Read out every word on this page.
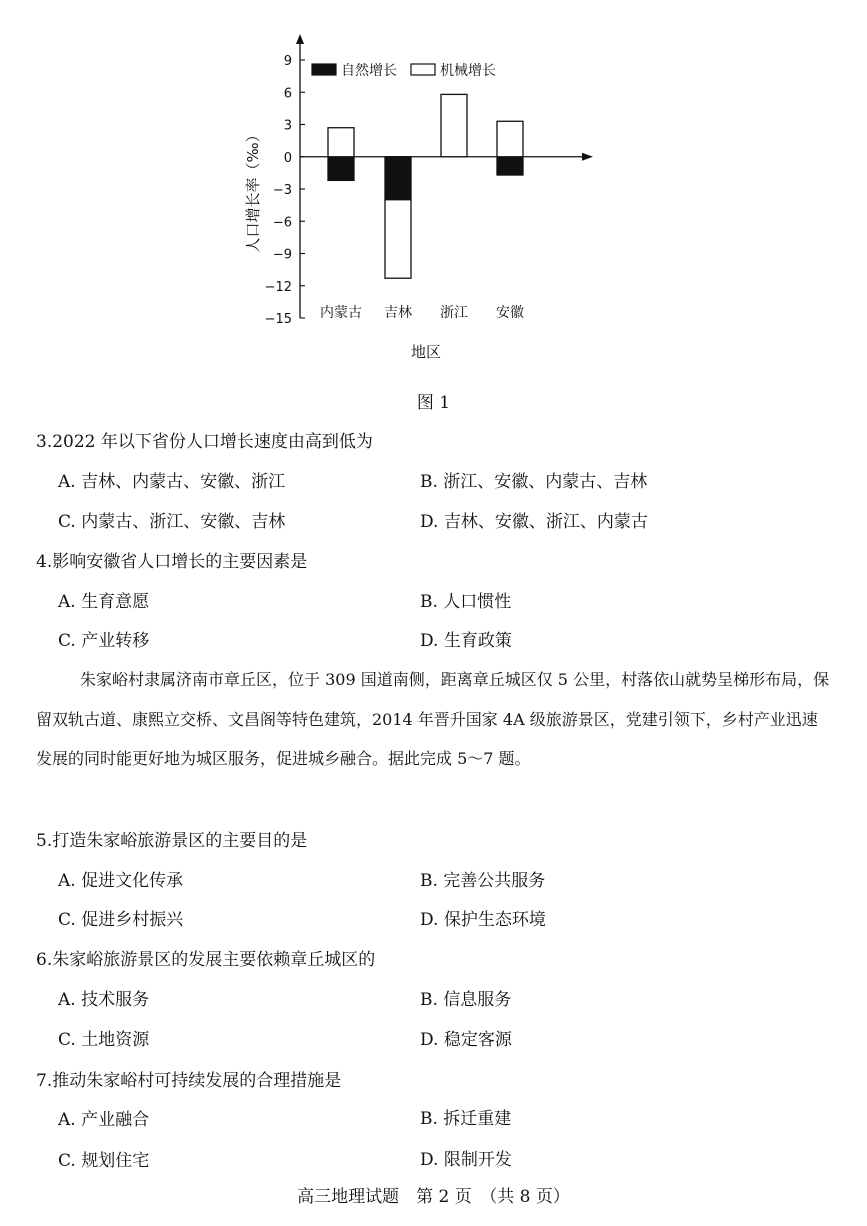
9
6
3
0
−3
−6
−9
−12
−15 内蒙古 吉林 浙江 安徽
自然增长	机械增长
人口增长率（‰）
地区
图 1
3.2022 年以下省份人口增长速度由高到低为
A. 吉林、内蒙古、安徽、浙江	B. 浙江、安徽、内蒙古、吉林
C. 内蒙古、浙江、安徽、吉林	D. 吉林、安徽、浙江、内蒙古
4.影响安徽省人口增长的主要因素是
A. 生育意愿	B. 人口惯性
C. 产业转移	D. 生育政策
朱家峪村隶属济南市章丘区，位于 309 国道南侧，距离章丘城区仅 5 公里，村落依山就势呈梯形布局，保留双轨古道、康熙立交桥、文昌阁等特色建筑，2014 年晋升国家 4A 级旅游景区，党建引领下，乡村产业迅速发展的同时能更好地为城区服务，促进城乡融合。据此完成 5～7 题。
5.打造朱家峪旅游景区的主要目的是
A. 促进文化传承	B. 完善公共服务
C. 促进乡村振兴	D. 保护生态环境
6.朱家峪旅游景区的发展主要依赖章丘城区的
A. 技术服务	B. 信息服务
C. 土地资源	D. 稳定客源
7.推动朱家峪村可持续发展的合理措施是
A. 产业融合	B. 拆迁重建
C. 规划住宅	D. 限制开发
高三地理试题　第 2 页　（共 8 页）
